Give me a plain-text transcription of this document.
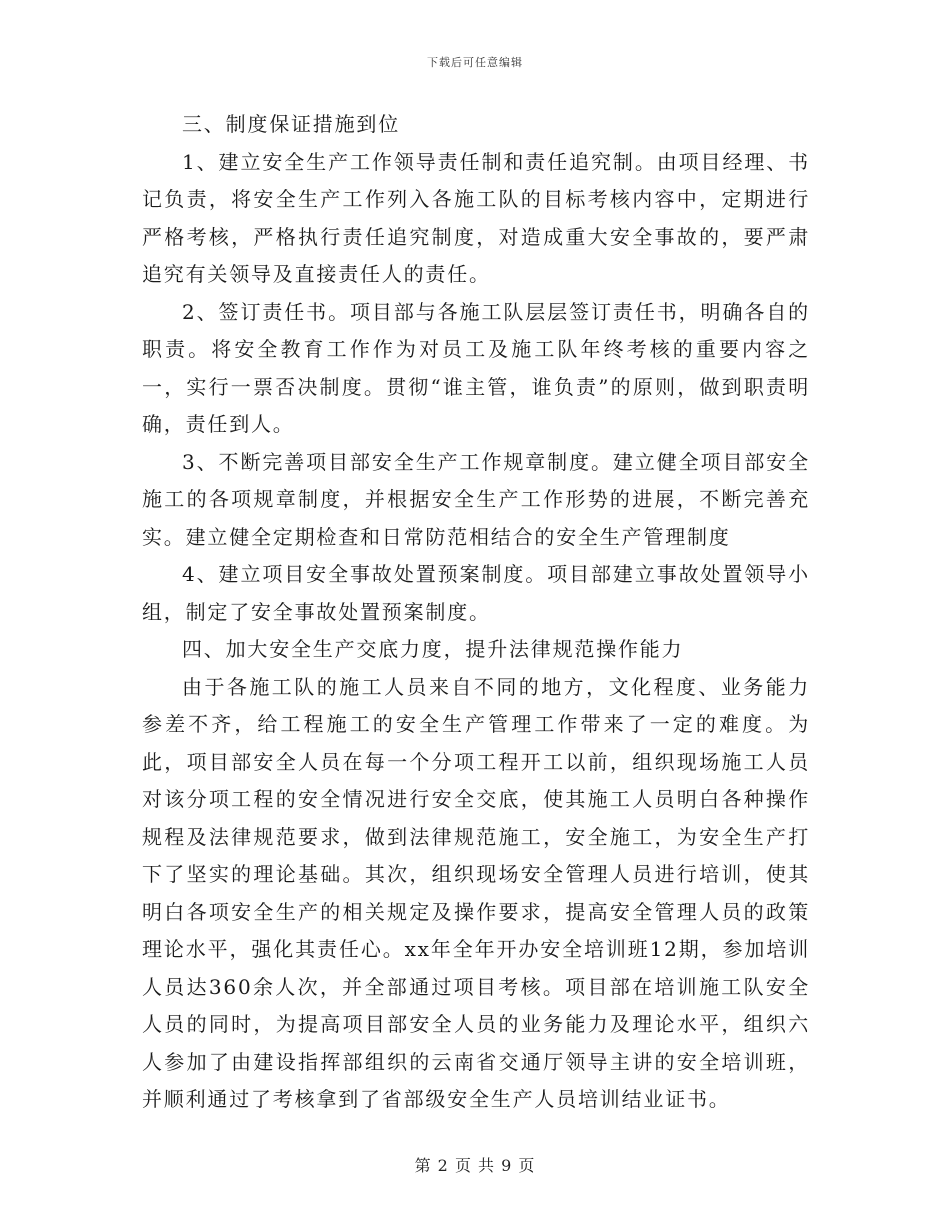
下载后可任意编辑

三、制度保证措施到位

1、建立安全生产工作领导责任制和责任追究制。由项目经理、书记负责，将安全生产工作列入各施工队的目标考核内容中，定期进行严格考核，严格执行责任追究制度，对造成重大安全事故的，要严肃追究有关领导及直接责任人的责任。

2、签订责任书。项目部与各施工队层层签订责任书，明确各自的职责。将安全教育工作作为对员工及施工队年终考核的重要内容之一，实行一票否决制度。贯彻“谁主管，谁负责”的原则，做到职责明确，责任到人。

3、不断完善项目部安全生产工作规章制度。建立健全项目部安全施工的各项规章制度，并根据安全生产工作形势的进展，不断完善充实。建立健全定期检查和日常防范相结合的安全生产管理制度

4、建立项目安全事故处置预案制度。项目部建立事故处置领导小组，制定了安全事故处置预案制度。

四、加大安全生产交底力度，提升法律规范操作能力

由于各施工队的施工人员来自不同的地方，文化程度、业务能力参差不齐，给工程施工的安全生产管理工作带来了一定的难度。为此，项目部安全人员在每一个分项工程开工以前，组织现场施工人员对该分项工程的安全情况进行安全交底，使其施工人员明白各种操作规程及法律规范要求，做到法律规范施工，安全施工，为安全生产打下了坚实的理论基础。其次，组织现场安全管理人员进行培训，使其明白各项安全生产的相关规定及操作要求，提高安全管理人员的政策理论水平，强化其责任心。xx年全年开办安全培训班12期，参加培训人员达360余人次，并全部通过项目考核。项目部在培训施工队安全人员的同时，为提高项目部安全人员的业务能力及理论水平，组织六人参加了由建设指挥部组织的云南省交通厅领导主讲的安全培训班，并顺利通过了考核拿到了省部级安全生产人员培训结业证书。

第 2 页 共 9 页
